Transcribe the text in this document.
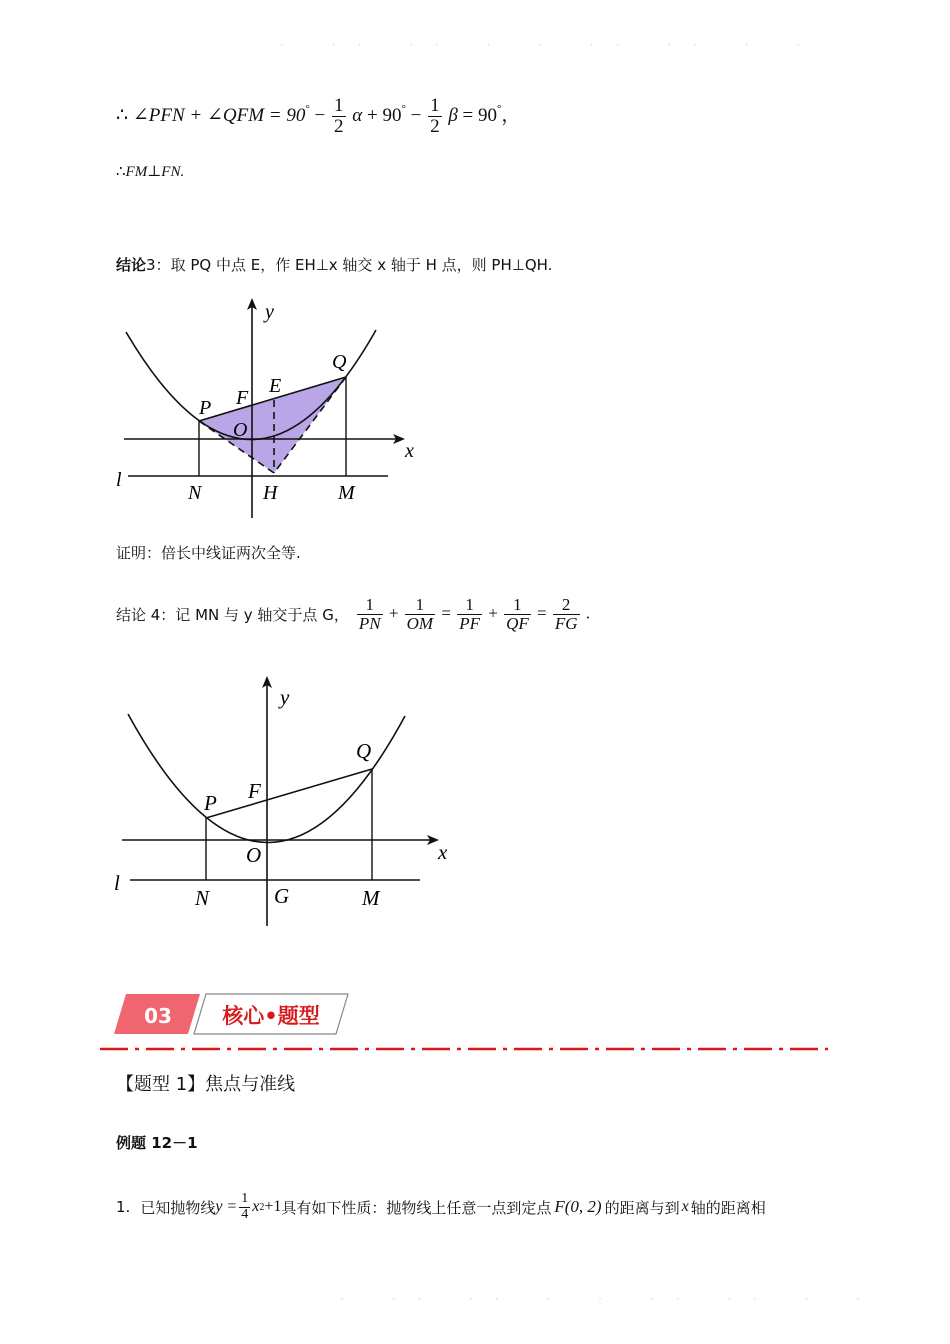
· ·· ·· · · ·· ·· · ·
· ·· ·· · · ·· ·· · ·
∴ ∠PFN + ∠QFM = $90^\circ - \frac{1}{2}$ $\alpha + 90^\circ - \frac{1}{2}$ β = 90°，
∴FM⊥FN.
结论3：取 PQ 中点 E，作 EH⊥x 轴交 x 轴于 H 点，则 PH⊥QH.
y
x
Q
E
F
P
O
l
N	H	M
证明：倍长中线证两次全等.
结论 4：记 MN 与 y 轴交于点 G， $\frac{1}{PN} + \frac{1}{OM} = \frac{1}{PF} + \frac{1}{QF} = \frac{2}{FG}$ .
y
x
Q
F
P
O
l
N	G	M
03 核心•题型
【题型 1】焦点与准线
例题 12－1
1. 已知抛物线 $y = \frac{1}{4}$ x 2 +1 具有如下性质：抛物线上任意一点到定点 F(0, 2) 的距离与到 x 轴的距离相
